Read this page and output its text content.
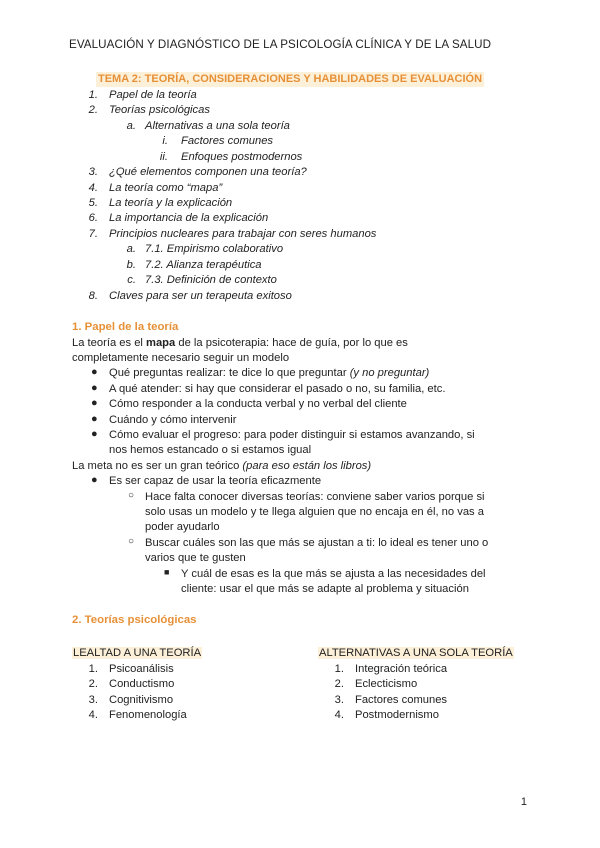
EVALUACIÓN Y DIAGNÓSTICO DE LA PSICOLOGÍA CLÍNICA Y DE LA SALUD
TEMA 2: TEORÍA, CONSIDERACIONES Y HABILIDADES DE EVALUACIÓN
1. Papel de la teoría
2. Teorías psicológicas
a. Alternativas a una sola teoría
i. Factores comunes
ii. Enfoques postmodernos
3. ¿Qué elementos componen una teoría?
4. La teoría como “mapa”
5. La teoría y la explicación
6. La importancia de la explicación
7. Principios nucleares para trabajar con seres humanos
a. 7.1. Empirismo colaborativo
b. 7.2. Alianza terapéutica
c. 7.3. Definición de contexto
8. Claves para ser un terapeuta exitoso
1. Papel de la teoría
La teoría es el mapa de la psicoterapia: hace de guía, por lo que es
completamente necesario seguir un modelo
● Qué preguntas realizar: te dice lo que preguntar (y no preguntar)
● A qué atender: si hay que considerar el pasado o no, su familia, etc.
● Cómo responder a la conducta verbal y no verbal del cliente
● Cuándo y cómo intervenir
● Cómo evaluar el progreso: para poder distinguir si estamos avanzando, si
nos hemos estancado o si estamos igual
La meta no es ser un gran teórico (para eso están los libros)
● Es ser capaz de usar la teoría eficazmente
○ Hace falta conocer diversas teorías: conviene saber varios porque si
solo usas un modelo y te llega alguien que no encaja en él, no vas a
poder ayudarlo
○ Buscar cuáles son las que más se ajustan a ti: lo ideal es tener uno o
varios que te gusten
■ Y cuál de esas es la que más se ajusta a las necesidades del
cliente: usar el que más se adapte al problema y situación
2. Teorías psicológicas
LEALTAD A UNA TEORÍA	ALTERNATIVAS A UNA SOLA TEORÍA
1. Psicoanálisis
2. Conductismo
3. Cognitivismo
4. Fenomenología
1. Integración teórica
2. Eclecticismo
3. Factores comunes
4. Postmodernismo
1
